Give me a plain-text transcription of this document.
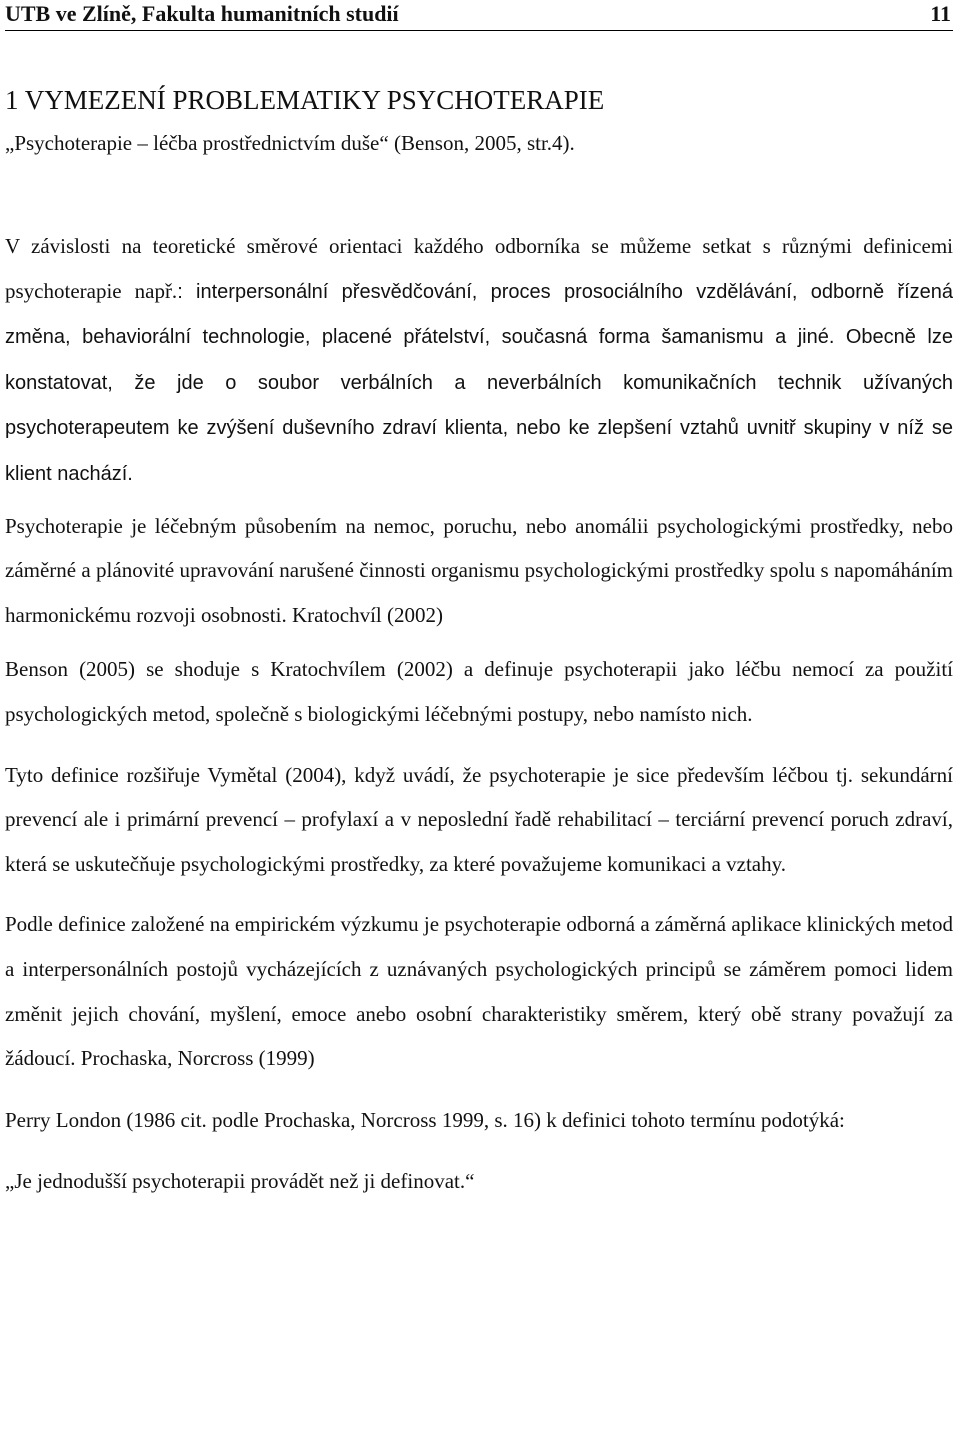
UTB ve Zlíně, Fakulta humanitních studií	11
1 VYMEZENÍ PROBLEMATIKY PSYCHOTERAPIE
„Psychoterapie – léčba prostřednictvím duše“ (Benson, 2005, str.4).

V závislosti na teoretické směrové orientaci každého odborníka se můžeme setkat s různými definicemi psychoterapie např.: interpersonální přesvědčování, proces prosociálního vzdělávání, odborně řízená změna, behaviorální technologie, placené přátelství, současná forma šamanismu a jiné. Obecně lze konstatovat, že jde o soubor verbálních a neverbálních komunikačních technik užívaných psychoterapeutem ke zvýšení duševního zdraví klienta, nebo ke zlepšení vztahů uvnitř skupiny v níž se klient nachází.

Psychoterapie je léčebným působením na nemoc, poruchu, nebo anomálii psychologickými prostředky, nebo záměrné a plánovité upravování narušené činnosti organismu psychologickými prostředky spolu s napomáháním harmonickému rozvoji osobnosti. Kratochvíl (2002)

Benson (2005) se shoduje s Kratochvílem (2002) a definuje psychoterapii jako léčbu nemocí za použití psychologických metod, společně s biologickými léčebnými postupy, nebo namísto nich.

Tyto definice rozšiřuje Vymětal (2004), když uvádí, že psychoterapie je sice především léčbou tj. sekundární prevencí ale i primární prevencí – profylaxí a v neposlední řadě rehabilitací – terciární prevencí poruch zdraví, která se uskutečňuje psychologickými prostředky, za které považujeme komunikaci a vztahy.

Podle definice založené na empirickém výzkumu je psychoterapie odborná a záměrná aplikace klinických metod a interpersonálních postojů vycházejících z uznávaných psychologických principů se záměrem pomoci lidem změnit jejich chování, myšlení, emoce anebo osobní charakteristiky směrem, který obě strany považují za žádoucí. Prochaska, Norcross (1999)

Perry London (1986 cit. podle Prochaska, Norcross 1999, s. 16) k definici tohoto termínu podotýká:

„Je jednodušší psychoterapii provádět než ji definovat.“
